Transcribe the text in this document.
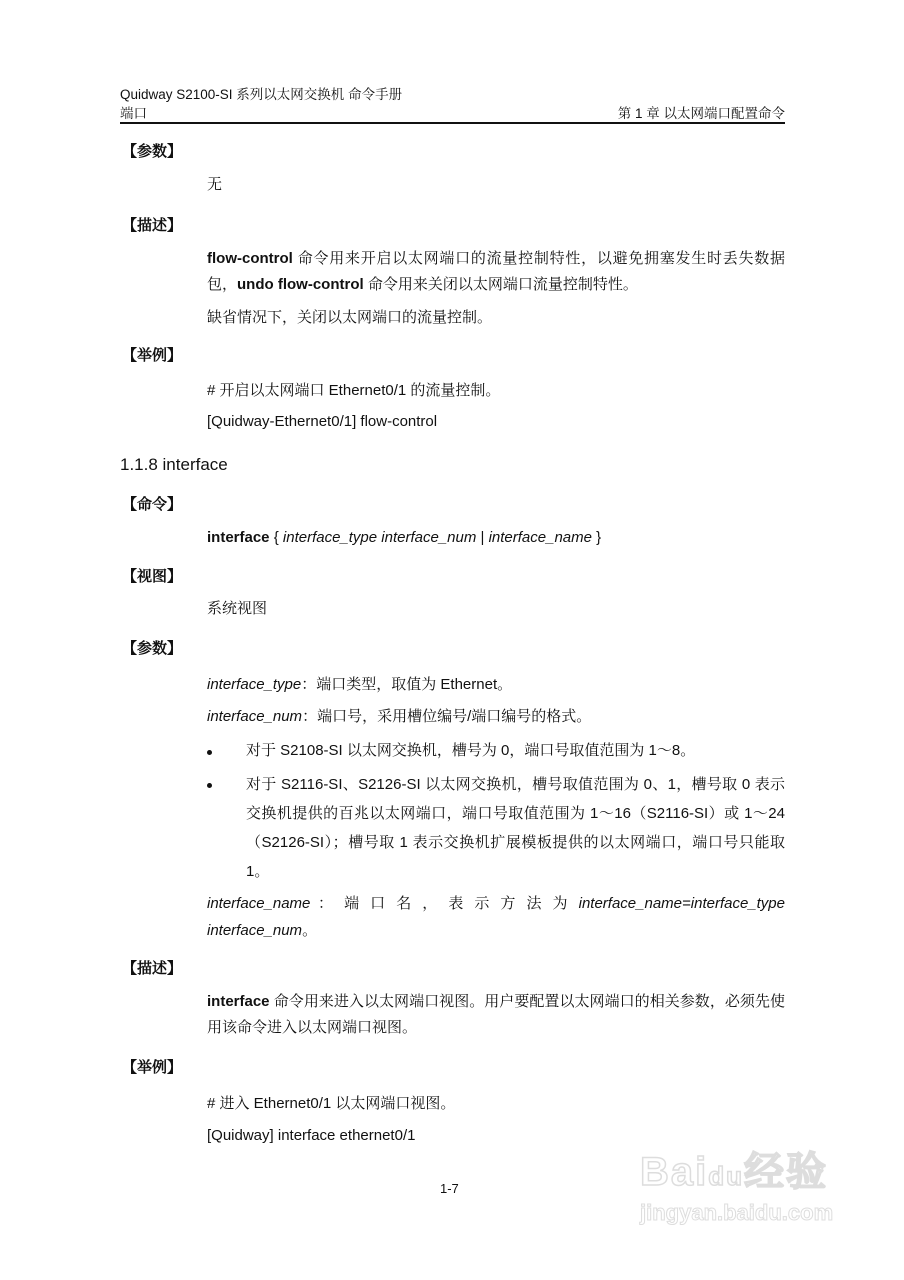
Quidway S2100-SI 系列以太网交换机 命令手册
端口	第 1 章 以太网端口配置命令
【参数】
无
【描述】
flow-control 命令用来开启以太网端口的流量控制特性，以避免拥塞发生时丢失数据包，undo flow-control 命令用来关闭以太网端口流量控制特性。
缺省情况下，关闭以太网端口的流量控制。
【举例】
# 开启以太网端口 Ethernet0/1 的流量控制。
[Quidway-Ethernet0/1] flow-control
1.1.8 interface
【命令】
interface { interface_type interface_num | interface_name }
【视图】
系统视图
【参数】
interface_type：端口类型，取值为 Ethernet。
interface_num：端口号，采用槽位编号/端口编号的格式。
对于 S2108-SI 以太网交换机，槽号为 0，端口号取值范围为 1～8。
对于 S2116-SI、S2126-SI 以太网交换机，槽号取值范围为 0、1，槽号取 0 表示交换机提供的百兆以太网端口，端口号取值范围为 1～16（S2116-SI）或 1～24（S2126-SI）；槽号取 1 表示交换机扩展模板提供的以太网端口，端口号只能取 1。
interface_name ： 端 口 名 ， 表 示 方 法 为 interface_name=interface_type interface_num。
【描述】
interface 命令用来进入以太网端口视图。用户要配置以太网端口的相关参数，必须先使用该命令进入以太网端口视图。
【举例】
# 进入 Ethernet0/1 以太网端口视图。
[Quidway] interface ethernet0/1
1-7	Baidu经验
jingyan.baidu.com
